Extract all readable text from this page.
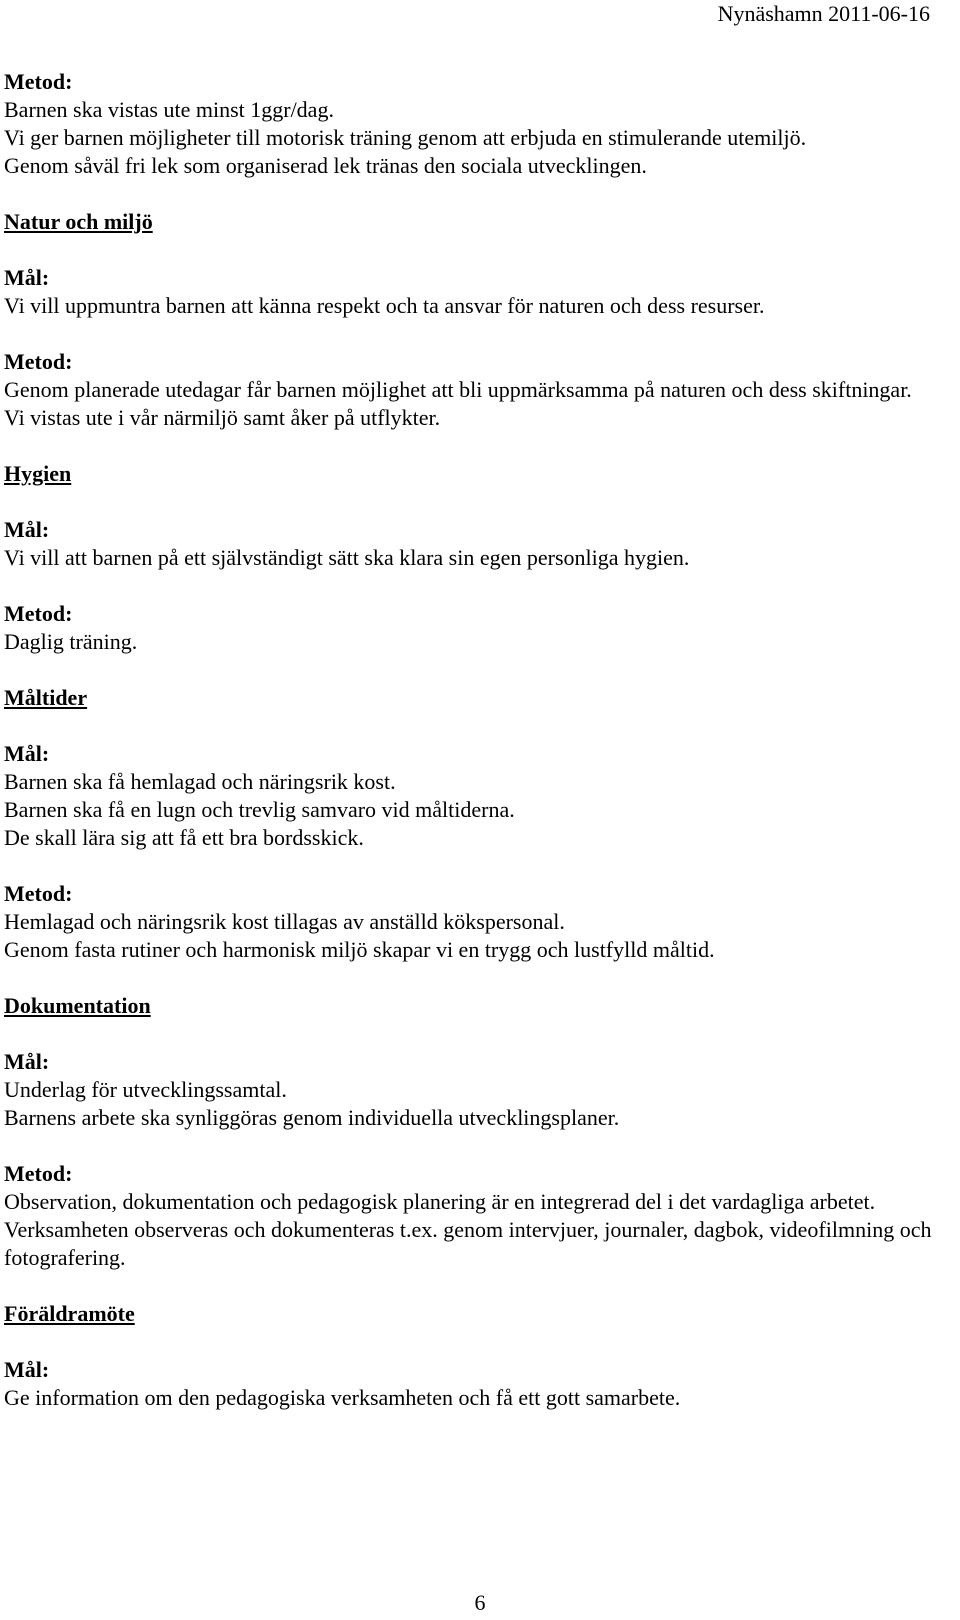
Nynäshamn 2011-06-16
Metod:
Barnen ska vistas ute minst 1ggr/dag.
Vi ger barnen möjligheter till motorisk träning genom att erbjuda en stimulerande utemiljö.
Genom såväl fri lek som organiserad lek tränas den sociala utvecklingen.
Natur och miljö
Mål:
Vi vill uppmuntra barnen att känna respekt och ta ansvar för naturen och dess resurser.
Metod:
Genom planerade utedagar får barnen möjlighet att bli uppmärksamma på naturen och dess skiftningar.
Vi vistas ute i vår närmiljö samt åker på utflykter.
Hygien
Mål:
Vi vill att barnen på ett självständigt sätt ska klara sin egen personliga hygien.
Metod:
Daglig träning.
Måltider
Mål:
Barnen ska få hemlagad och näringsrik kost.
Barnen ska få en lugn och trevlig samvaro vid måltiderna.
De skall lära sig att få ett bra bordsskick.
Metod:
Hemlagad och näringsrik kost tillagas av anställd kökspersonal.
Genom fasta rutiner och harmonisk miljö skapar vi en trygg och lustfylld måltid.
Dokumentation
Mål:
Underlag för utvecklingssamtal.
Barnens arbete ska synliggöras genom individuella utvecklingsplaner.
Metod:
Observation, dokumentation och pedagogisk planering är en integrerad del i det vardagliga arbetet.
Verksamheten observeras och dokumenteras t.ex. genom intervjuer, journaler, dagbok, videofilmning och fotografering.
Föräldramöte
Mål:
Ge information om den pedagogiska verksamheten och få ett gott samarbete.
6
